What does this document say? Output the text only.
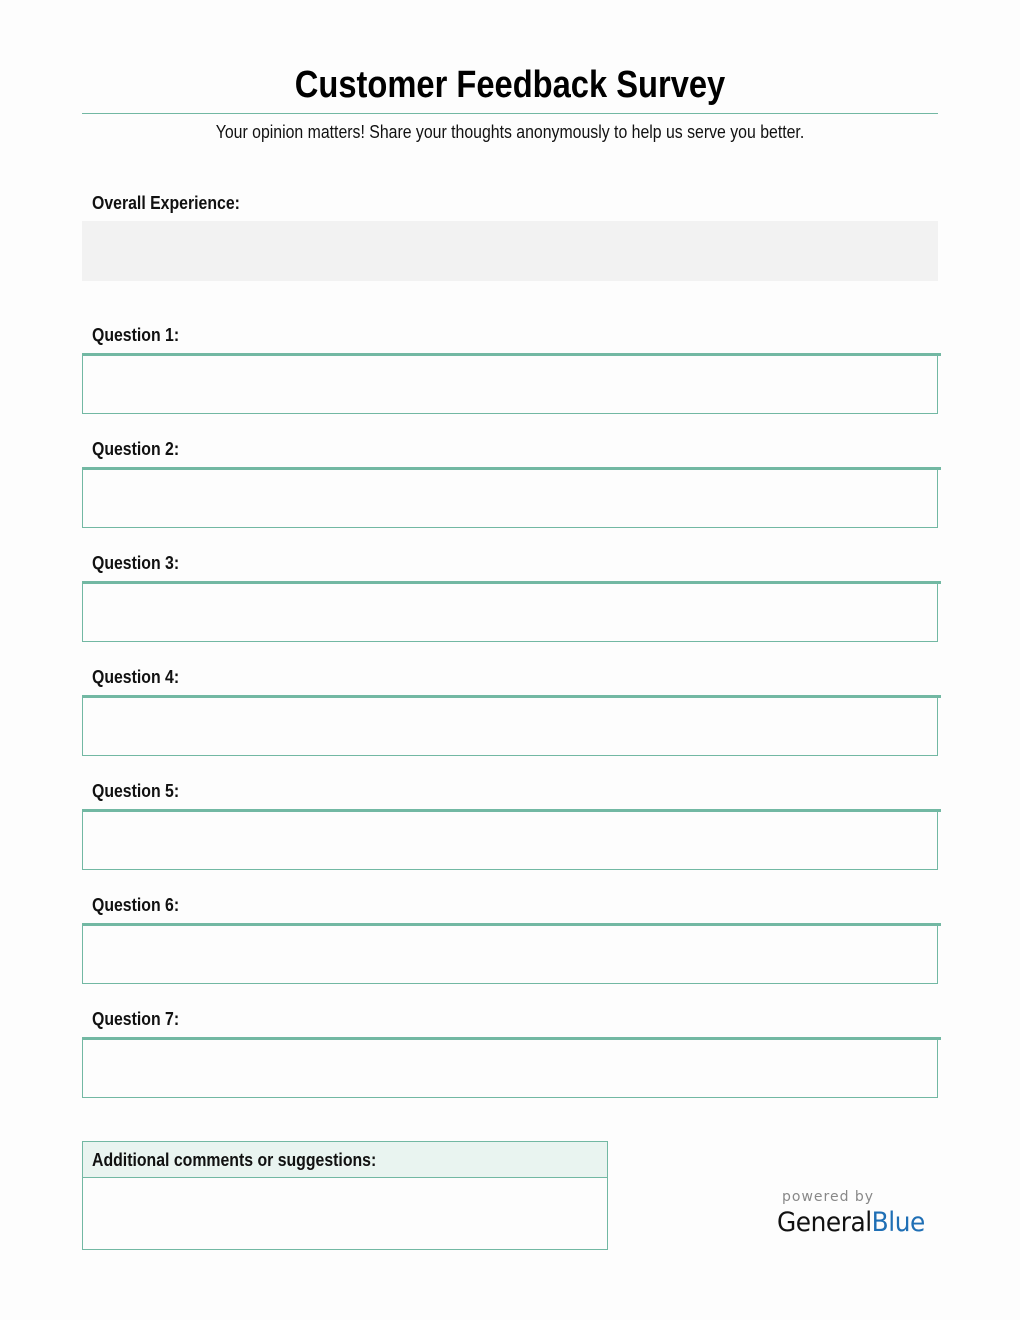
Customer Feedback Survey
Your opinion matters! Share your thoughts anonymously to help us serve you better.
Overall Experience:
Question 1:
Question 2:
Question 3:
Question 4:
Question 5:
Question 6:
Question 7:
Additional comments or suggestions:
powered by
GeneralBlue
